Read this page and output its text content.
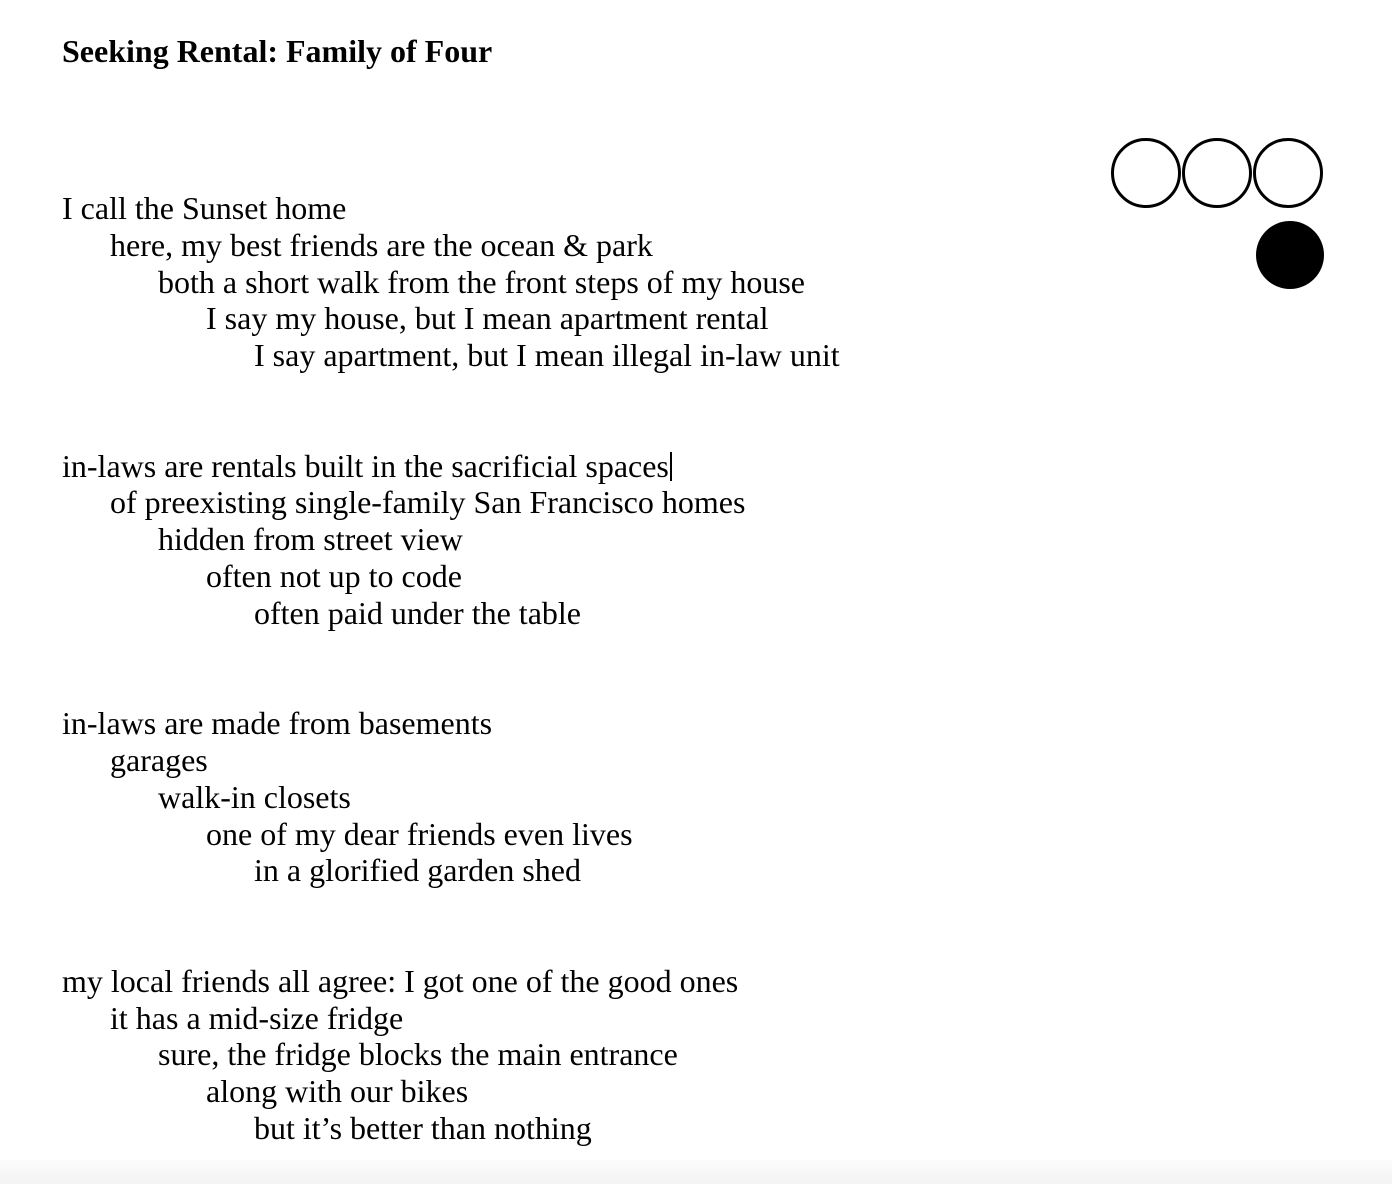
Seeking Rental: Family of Four
I call the Sunset home
here, my best friends are the ocean & park
both a short walk from the front steps of my house
I say my house, but I mean apartment rental
I say apartment, but I mean illegal in-law unit
in-laws are rentals built in the sacrificial spaces
of preexisting single-family San Francisco homes
hidden from street view
often not up to code
often paid under the table
in-laws are made from basements
garages
walk-in closets
one of my dear friends even lives
in a glorified garden shed
my local friends all agree: I got one of the good ones
it has a mid-size fridge
sure, the fridge blocks the main entrance
along with our bikes
but it’s better than nothing
